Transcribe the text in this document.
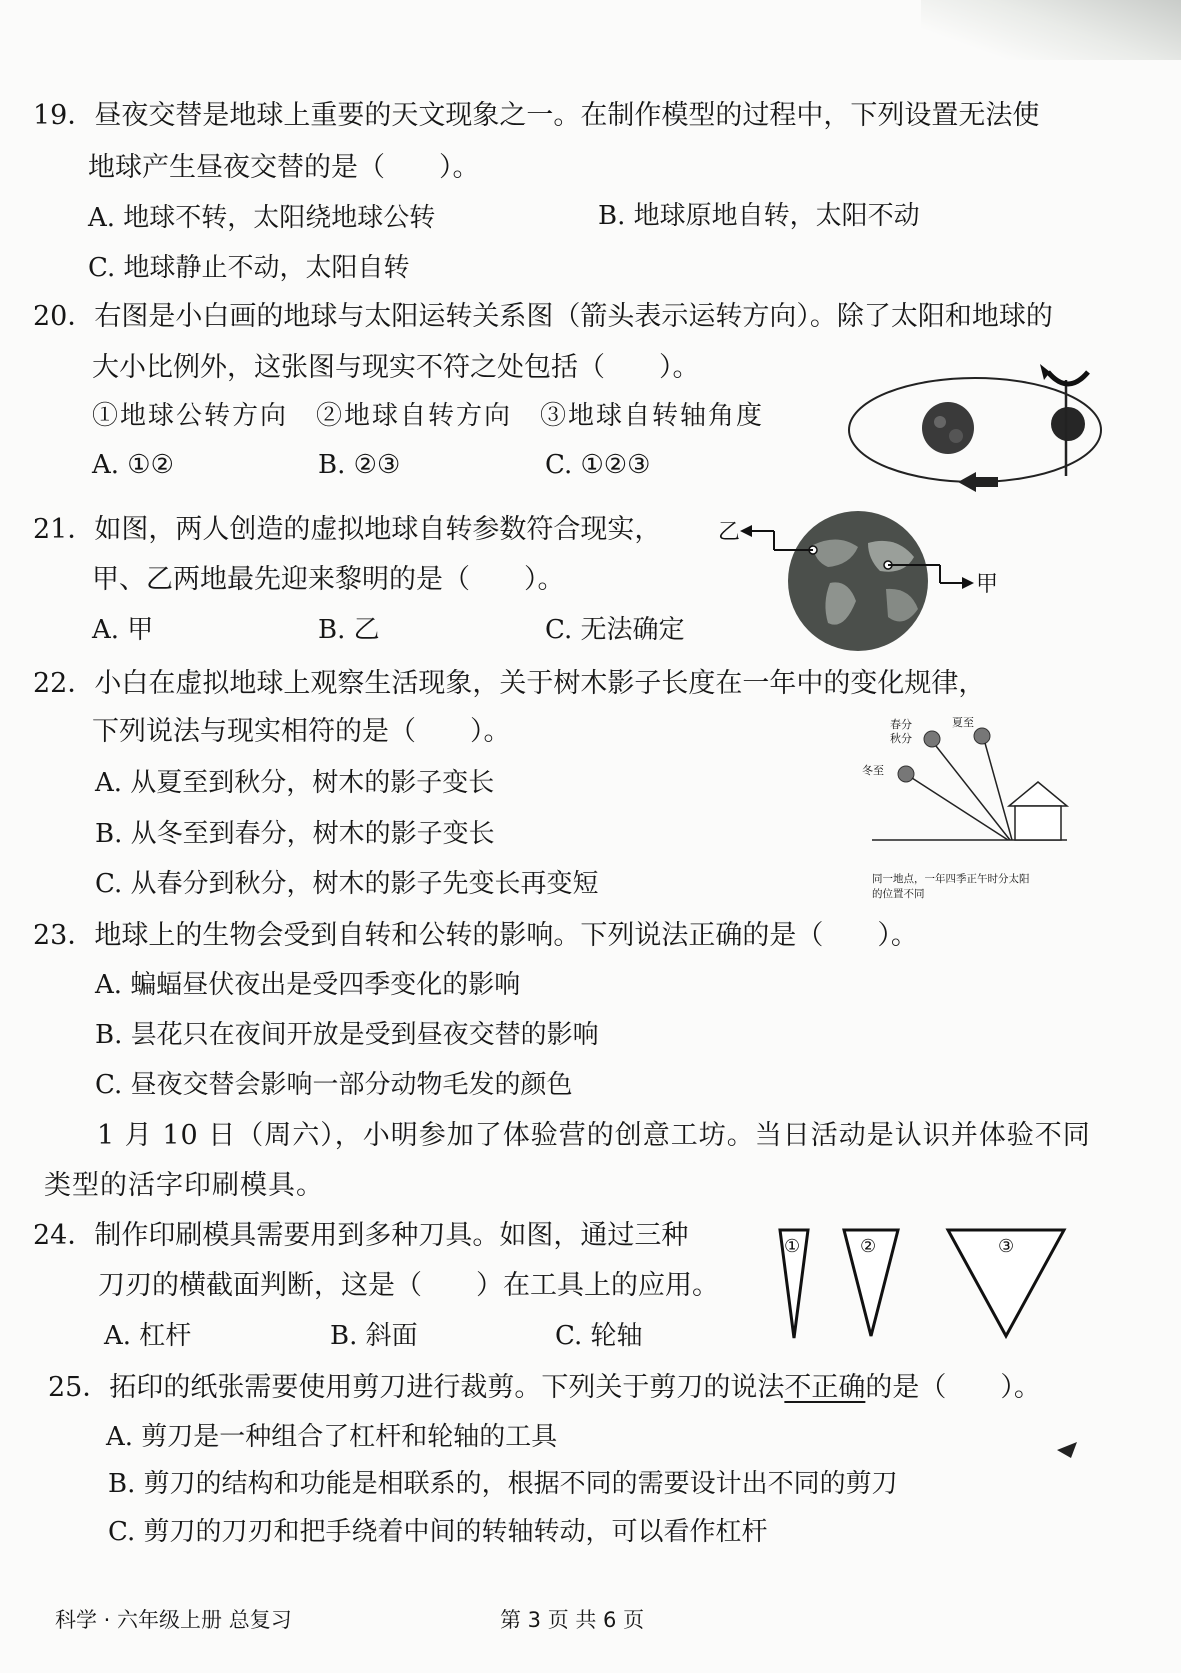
19．昼夜交替是地球上重要的天文现象之一。在制作模型的过程中，下列设置无法使
地球产生昼夜交替的是（　　）。
A. 地球不转，太阳绕地球公转	B. 地球原地自转，太阳不动
C. 地球静止不动，太阳自转
20．右图是小白画的地球与太阳运转关系图（箭头表示运转方向）。除了太阳和地球的
大小比例外，这张图与现实不符之处包括（　　）。
①地球公转方向　②地球自转方向　③地球自转轴角度
A. ①②	B. ②③	C. ①②③
21．如图，两人创造的虚拟地球自转参数符合现实，
甲、乙两地最先迎来黎明的是（　　）。
A. 甲	B. 乙	C. 无法确定
乙
甲
22．小白在虚拟地球上观察生活现象，关于树木影子长度在一年中的变化规律，
下列说法与现实相符的是（　　）。
A. 从夏至到秋分，树木的影子变长
B. 从冬至到春分，树木的影子变长
C. 从春分到秋分，树木的影子先变长再变短
春分
秋分
夏至
冬至
同一地点，一年四季正午时分太阳
的位置不同
23．地球上的生物会受到自转和公转的影响。下列说法正确的是（　　）。
A. 蝙蝠昼伏夜出是受四季变化的影响
B. 昙花只在夜间开放是受到昼夜交替的影响
C. 昼夜交替会影响一部分动物毛发的颜色
1 月 10 日（周六），小明参加了体验营的创意工坊。当日活动是认识并体验不同
类型的活字印刷模具。
24．制作印刷模具需要用到多种刀具。如图，通过三种
刀刃的横截面判断，这是（　　）在工具上的应用。
A. 杠杆	B. 斜面	C. 轮轴
①	②	③
25．拓印的纸张需要使用剪刀进行裁剪。下列关于剪刀的说法不正确的是（　　）。
A. 剪刀是一种组合了杠杆和轮轴的工具
B. 剪刀的结构和功能是相联系的，根据不同的需要设计出不同的剪刀
C. 剪刀的刀刃和把手绕着中间的转轴转动，可以看作杠杆
科学 · 六年级上册 总复习	第 3 页 共 6 页
